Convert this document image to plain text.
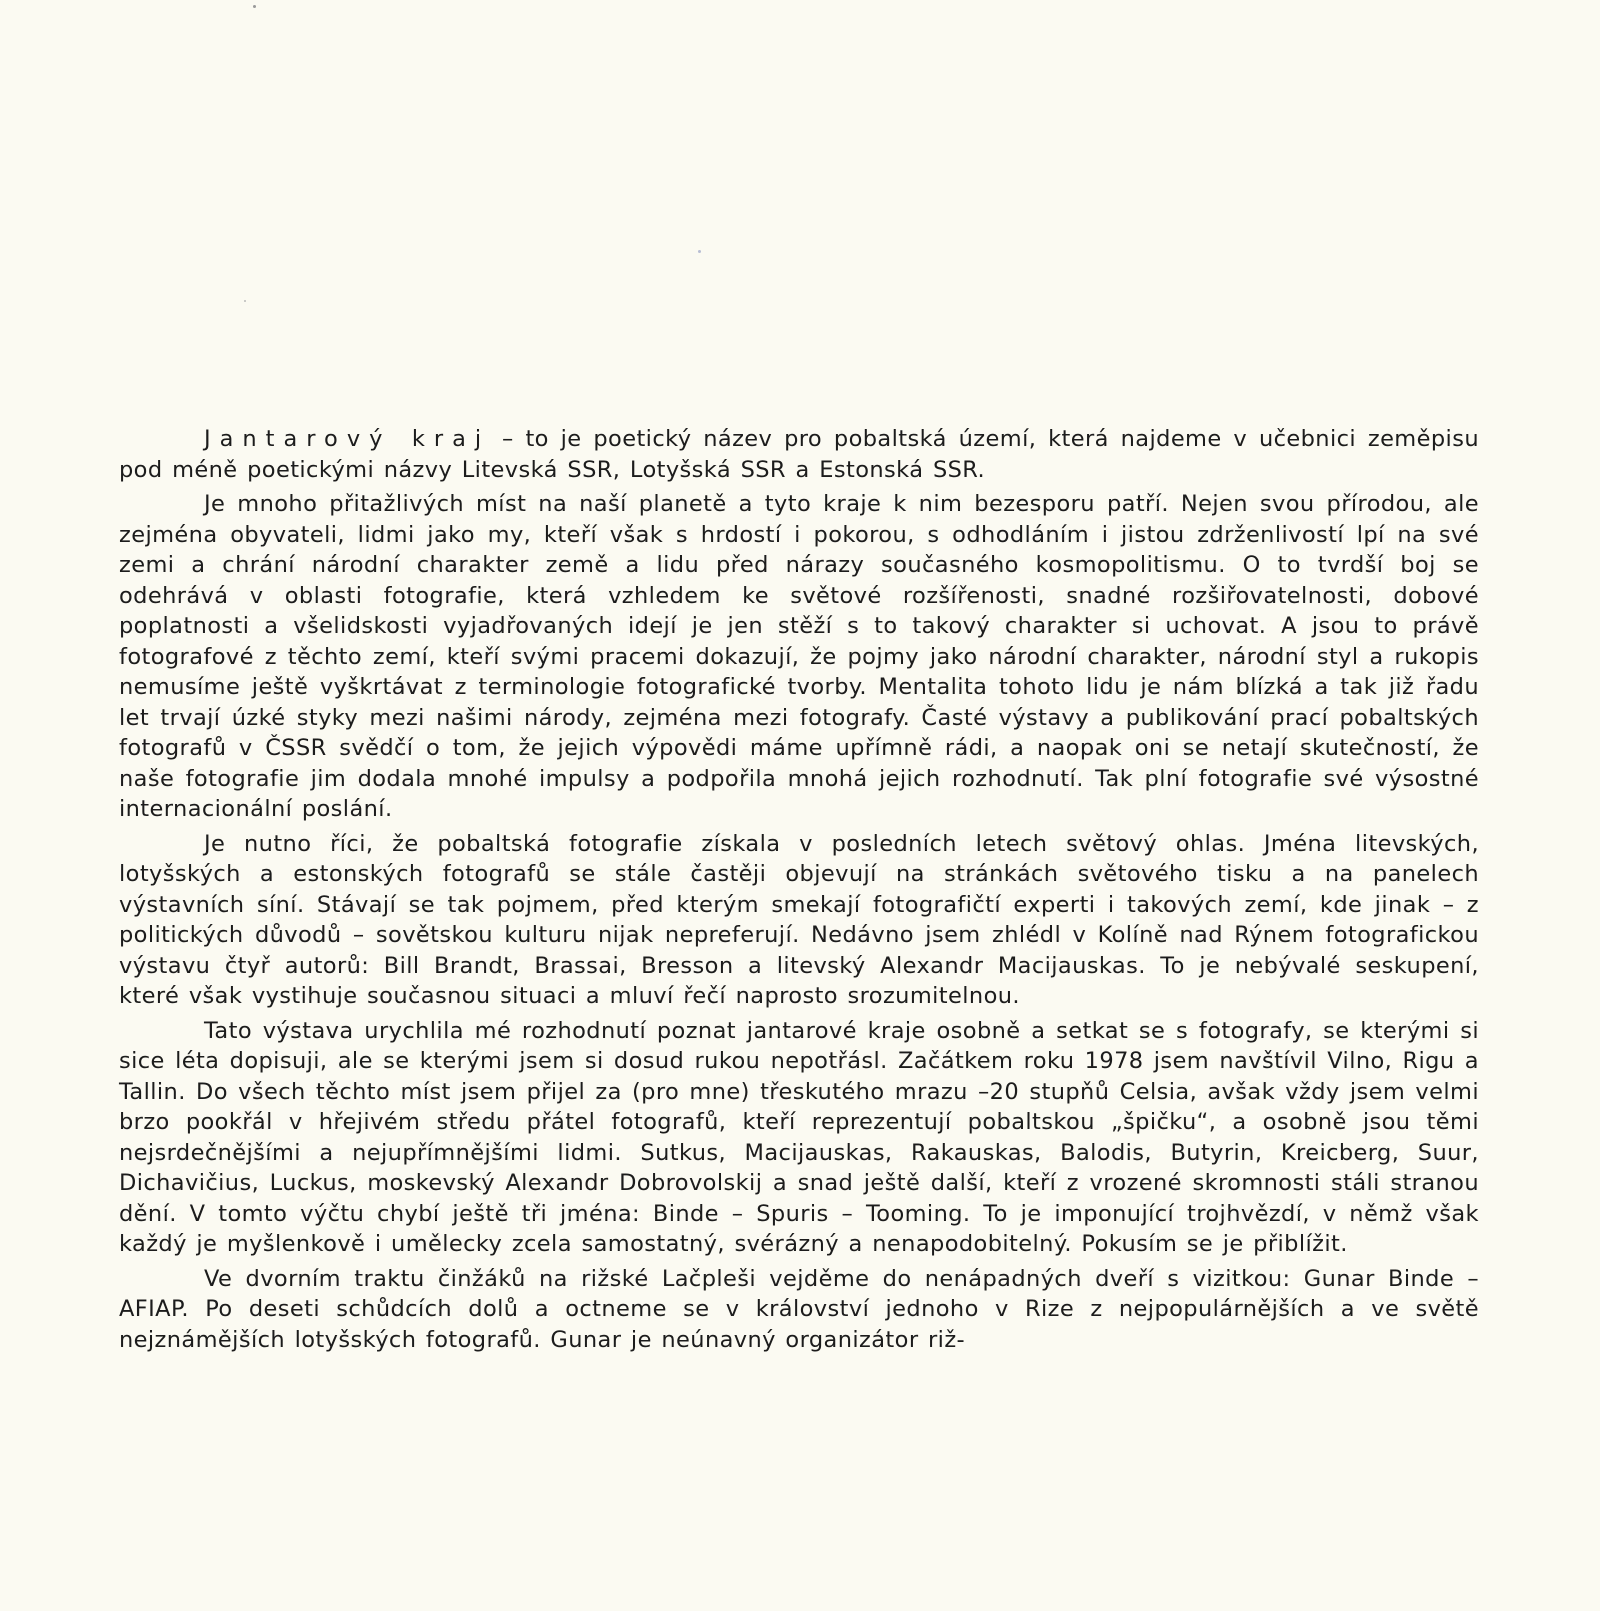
Jantarový kraj – to je poetický název pro pobaltská území, která najdeme v učebnici zeměpisu pod méně poetickými názvy Litevská SSR, Lotyšská SSR a Estonská SSR.

Je mnoho přitažlivých míst na naší planetě a tyto kraje k nim bezesporu patří. Nejen svou přírodou, ale zejména obyvateli, lidmi jako my, kteří však s hrdostí i pokorou, s odhodláním i jistou zdrženlivostí lpí na své zemi a chrání národní charakter země a lidu před nárazy současného kosmopolitismu. O to tvrdší boj se odehrává v oblasti fotografie, která vzhledem ke světové rozšířenosti, snadné rozšiřovatelnosti, dobové poplatnosti a všelidskosti vyjadřovaných idejí je jen stěží s to takový charakter si uchovat. A jsou to právě fotografové z těchto zemí, kteří svými pracemi dokazují, že pojmy jako národní charakter, národní styl a rukopis nemusíme ještě vyškrtávat z terminologie fotografické tvorby. Mentalita tohoto lidu je nám blízká a tak již řadu let trvají úzké styky mezi našimi národy, zejména mezi fotografy. Časté výstavy a publikování prací pobaltských fotografů v ČSSR svědčí o tom, že jejich výpovědi máme upřímně rádi, a naopak oni se netají skutečností, že naše fotografie jim dodala mnohé impulsy a podpořila mnohá jejich rozhodnutí. Tak plní fotografie své výsostné internacionální poslání.

Je nutno říci, že pobaltská fotografie získala v posledních letech světový ohlas. Jména litevských, lotyšských a estonských fotografů se stále častěji objevují na stránkách světového tisku a na panelech výstavních síní. Stávají se tak pojmem, před kterým smekají fotografičtí experti i takových zemí, kde jinak – z politických důvodů – sovětskou kulturu nijak nepreferují. Nedávno jsem zhlédl v Kolíně nad Rýnem fotografickou výstavu čtyř autorů: Bill Brandt, Brassai, Bresson a litevský Alexandr Macijauskas. To je nebývalé seskupení, které však vystihuje současnou situaci a mluví řečí naprosto srozumitelnou.

Tato výstava urychlila mé rozhodnutí poznat jantarové kraje osobně a setkat se s fotografy, se kterými si sice léta dopisuji, ale se kterými jsem si dosud rukou nepotřásl. Začátkem roku 1978 jsem navštívil Vilno, Rigu a Tallin. Do všech těchto míst jsem přijel za (pro mne) třeskutého mrazu –20 stupňů Celsia, avšak vždy jsem velmi brzo pookřál v hřejivém středu přátel fotografů, kteří reprezentují pobaltskou „špičku“, a osobně jsou těmi nejsrdečnějšími a nejupřímnějšími lidmi. Sutkus, Macijauskas, Rakauskas, Balodis, Butyrin, Kreicberg, Suur, Dichavičius, Luckus, moskevský Alexandr Dobrovolskij a snad ještě další, kteří z vrozené skromnosti stáli stranou dění. V tomto výčtu chybí ještě tři jména: Binde – Spuris – Tooming. To je imponující trojhvězdí, v němž však každý je myšlenkově i umělecky zcela samostatný, svérázný a nenapodobitelný. Pokusím se je přiblížit.

Ve dvorním traktu činžáků na rižské Lačpleši vejděme do nenápadných dveří s vizitkou: Gunar Binde – AFIAP. Po deseti schůdcích dolů a octneme se v království jednoho v Rize z nejpopulárnějších a ve světě nejznámějších lotyšských fotografů. Gunar je neúnavný organizátor riž-
